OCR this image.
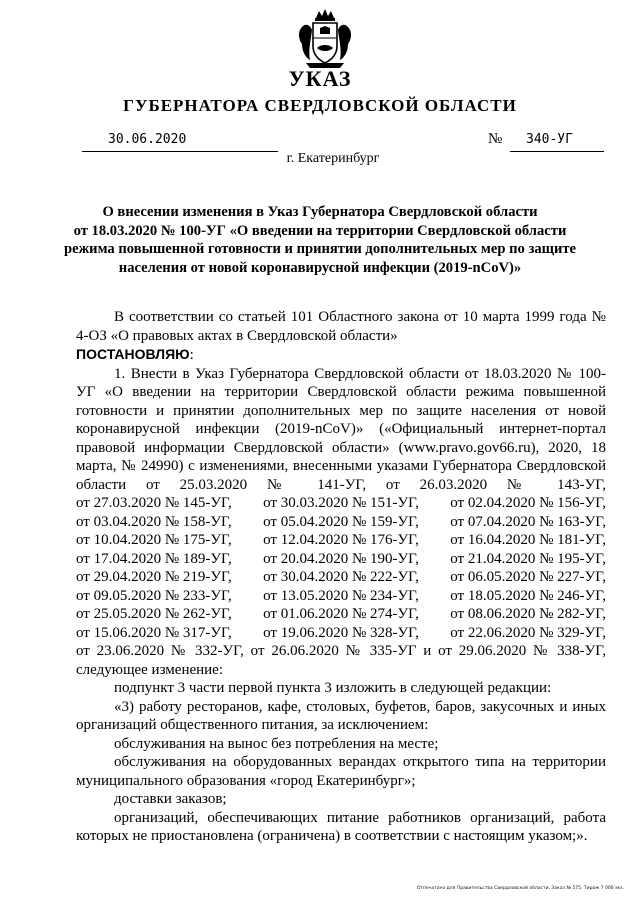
УКАЗ
ГУБЕРНАТОРА СВЕРДЛОВСКОЙ ОБЛАСТИ
30.06.2020	№ 340-УГ
г. Екатеринбург
О внесении изменения в Указ Губернатора Свердловской области
от 18.03.2020 № 100-УГ «О введении на территории Свердловской области
режима повышенной готовности и принятии дополнительных мер по защите
населения от новой коронавирусной инфекции (2019-nCoV)»

В соответствии со статьей 101 Областного закона от 10 марта 1999 года № 4-ОЗ «О правовых актах в Свердловской области»

ПОСТАНОВЛЯЮ:

1. Внести в Указ Губернатора Свердловской области от 18.03.2020 № 100-УГ «О введении на территории Свердловской области режима повышенной готовности и принятии дополнительных мер по защите населения от новой коронавирусной инфекции (2019-nCoV)» («Официальный интернет-портал правовой информации Свердловской области» (www.pravo.gov66.ru), 2020, 18 марта, № 24990) с изменениями, внесенными указами Губернатора Свердловской области от 25.03.2020 № 141-УГ, от 26.03.2020 № 143-УГ,

от 27.03.2020 № 145-УГ, от 30.03.2020 № 151-УГ, от 02.04.2020 № 156-УГ,
от 03.04.2020 № 158-УГ, от 05.04.2020 № 159-УГ, от 07.04.2020 № 163-УГ,
от 10.04.2020 № 175-УГ, от 12.04.2020 № 176-УГ, от 16.04.2020 № 181-УГ,
от 17.04.2020 № 189-УГ, от 20.04.2020 № 190-УГ, от 21.04.2020 № 195-УГ,
от 29.04.2020 № 219-УГ, от 30.04.2020 № 222-УГ, от 06.05.2020 № 227-УГ,
от 09.05.2020 № 233-УГ, от 13.05.2020 № 234-УГ, от 18.05.2020 № 246-УГ,
от 25.05.2020 № 262-УГ, от 01.06.2020 № 274-УГ, от 08.06.2020 № 282-УГ,
от 15.06.2020 № 317-УГ, от 19.06.2020 № 328-УГ, от 22.06.2020 № 329-УГ,

от 23.06.2020 № 332-УГ, от 26.06.2020 № 335-УГ и от 29.06.2020 № 338-УГ,

следующее изменение:

подпункт 3 части первой пункта 3 изложить в следующей редакции:

«3) работу ресторанов, кафе, столовых, буфетов, баров, закусочных и иных организаций общественного питания, за исключением:

обслуживания на вынос без потребления на месте;

обслуживания на оборудованных верандах открытого типа на территории муниципального образования «город Екатеринбург»;

доставки заказов;

организаций, обеспечивающих питание работников организаций, работа которых не приостановлена (ограничена) в соответствии с настоящим указом;».

Отпечатано для Правительства Свердловской области. Заказ № 575. Тираж 7 000 экз.
